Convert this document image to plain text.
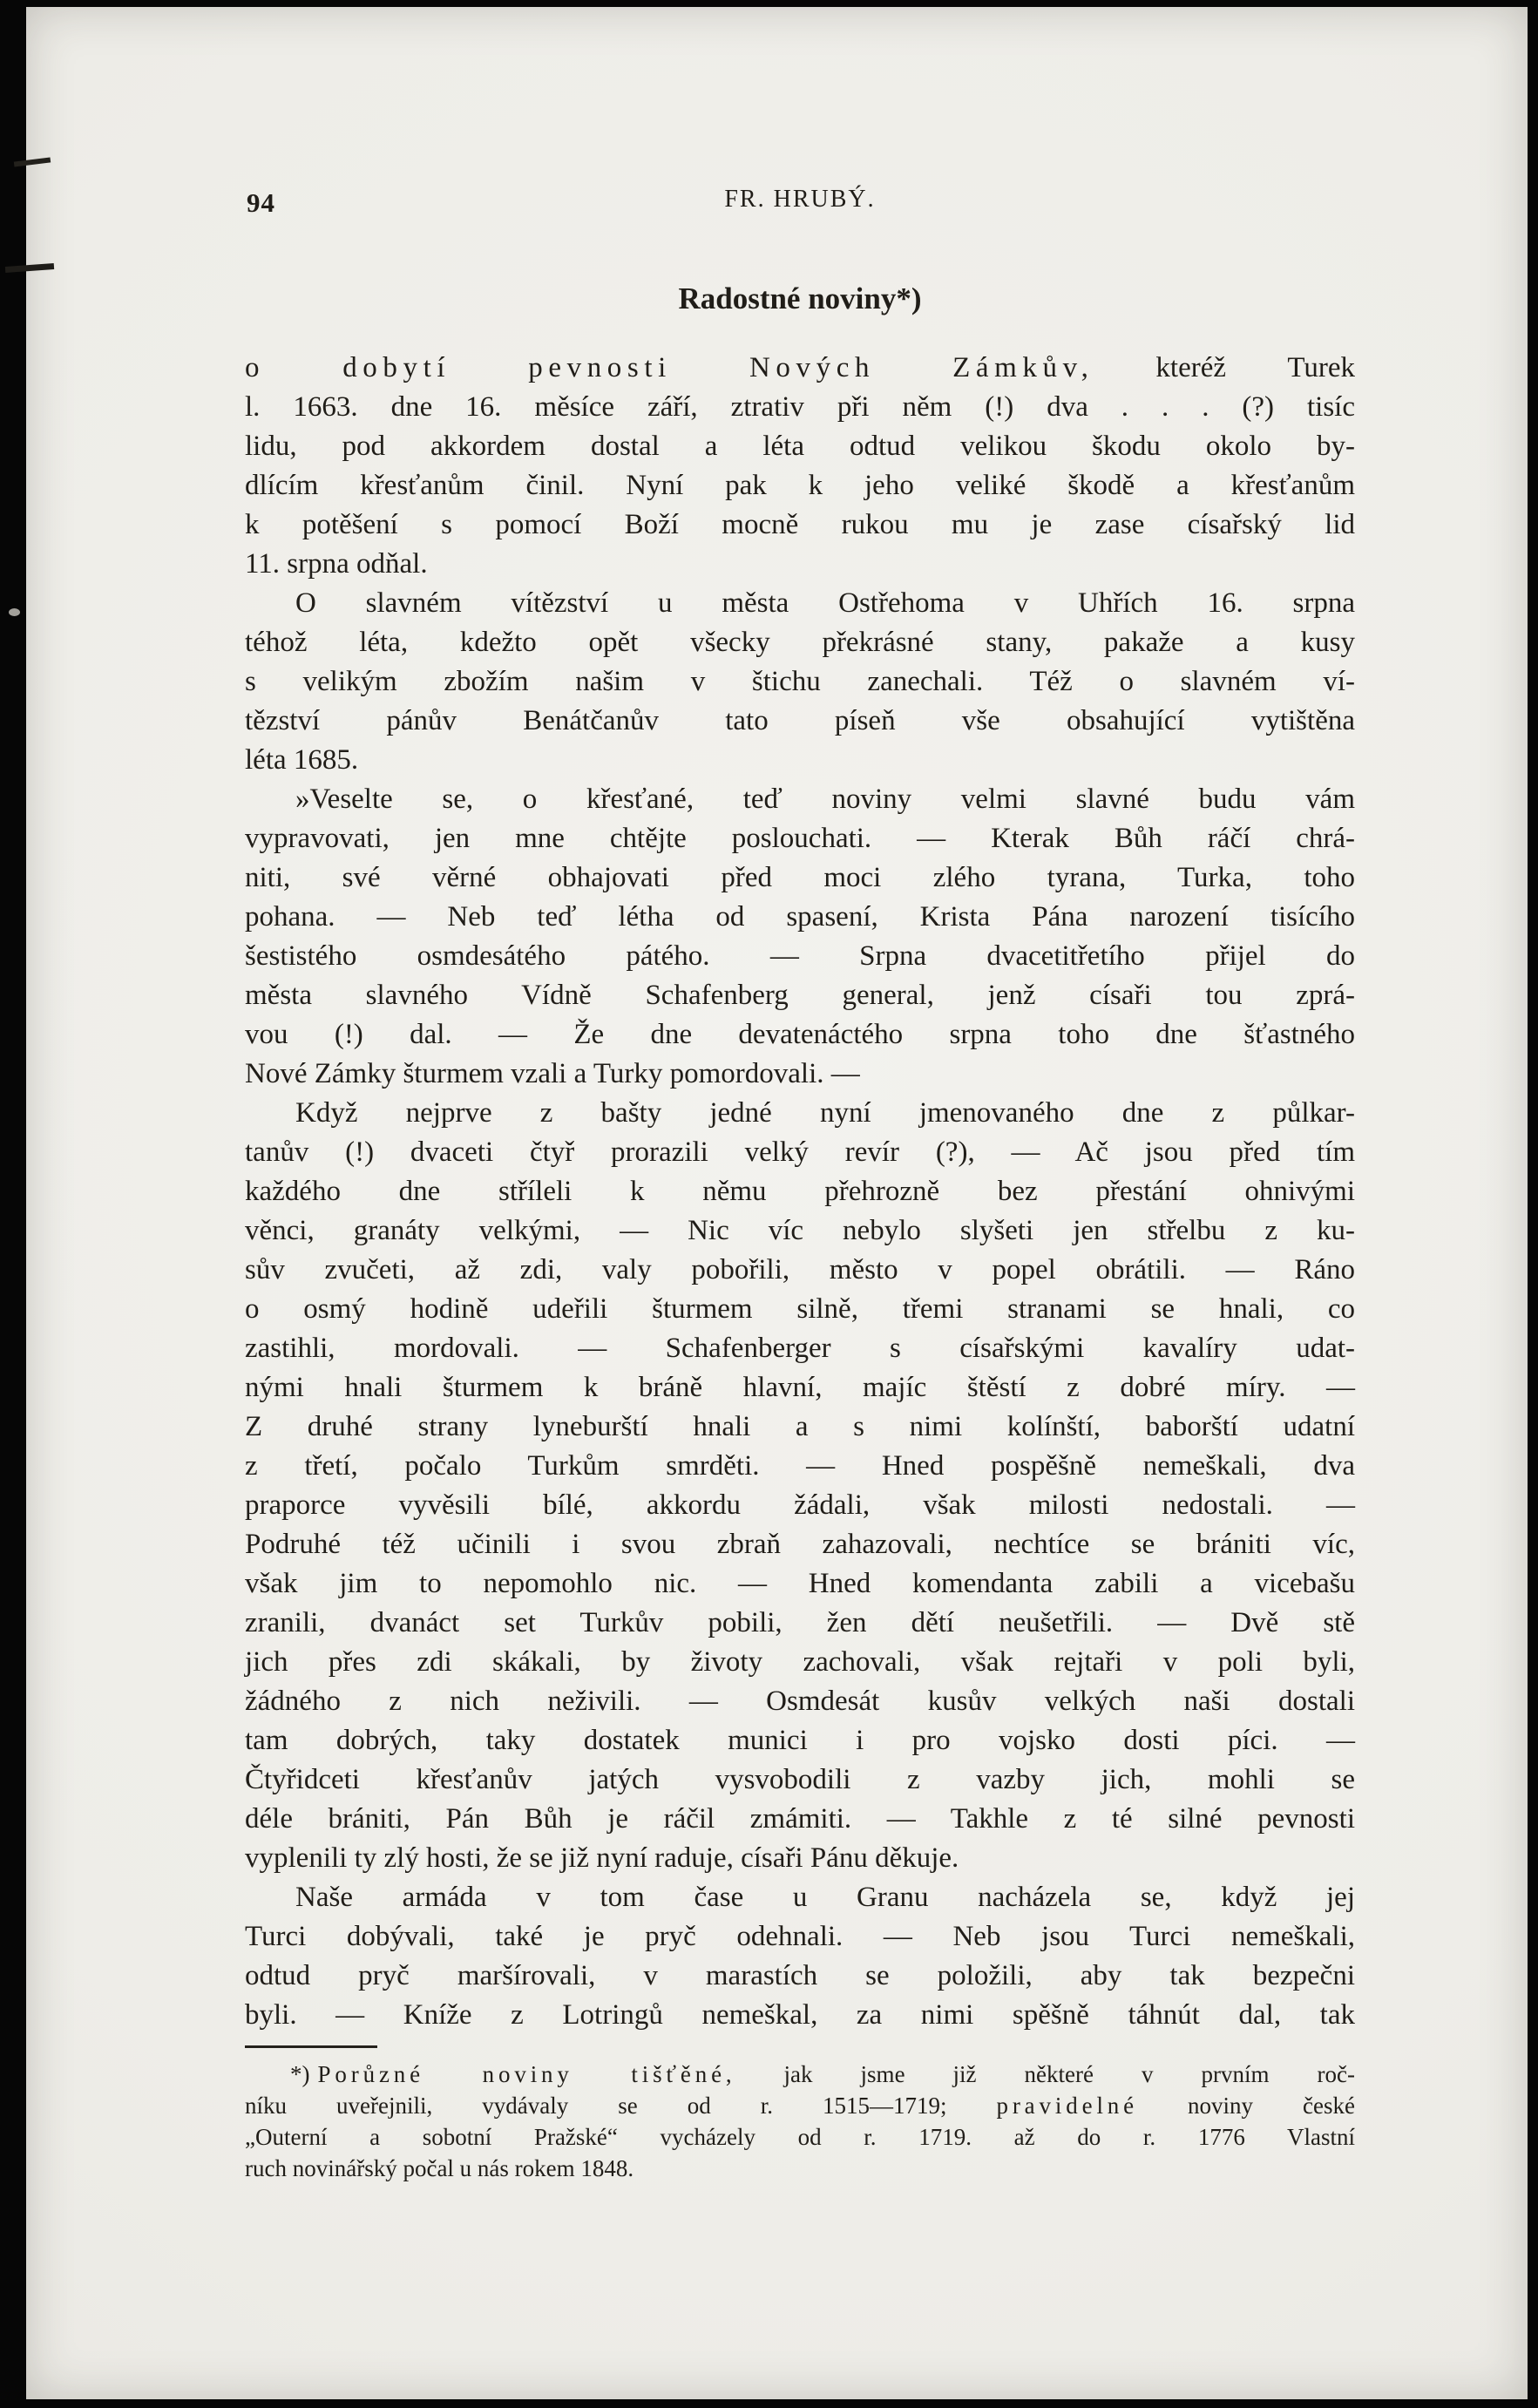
94	FR. HRUBÝ.
Radostné noviny*)
o dobytí pevnosti Nových Zámkův, kteréž Turek
l. 1663. dne 16. měsíce září, ztrativ při něm (!) dva . . . (?) tisíc
lidu, pod akkordem dostal a léta odtud velikou škodu okolo by-
dlícím křesťanům činil. Nyní pak k jeho veliké škodě a křesťanům
k potěšení s pomocí Boží mocně rukou mu je zase císařský lid
11. srpna odňal.
O slavném vítězství u města Ostřehoma v Uhřích 16. srpna
téhož léta, kdežto opět všecky překrásné stany, pakaže a kusy
s velikým zbožím našim v štichu zanechali. Též o slavném ví-
tězství pánův Benátčanův tato píseň vše obsahující vytištěna
léta 1685.
»Veselte se, o křesťané, teď noviny velmi slavné budu vám
vypravovati, jen mne chtějte poslouchati. — Kterak Bůh ráčí chrá-
niti, své věrné obhajovati před moci zlého tyrana, Turka, toho
pohana. — Neb teď létha od spasení, Krista Pána narození tisícího
šestistého osmdesátého pátého. — Srpna dvacetitřetího přijel do
města slavného Vídně Schafenberg general, jenž císaři tou zprá-
vou (!) dal. — Že dne devatenáctého srpna toho dne šťastného
Nové Zámky šturmem vzali a Turky pomordovali. —
Když nejprve z bašty jedné nyní jmenovaného dne z půlkar-
tanův (!) dvaceti čtyř prorazili velký revír (?), — Ač jsou před tím
každého dne stříleli k němu přehrozně bez přestání ohnivými
věnci, granáty velkými, — Nic víc nebylo slyšeti jen střelbu z ku-
sův zvučeti, až zdi, valy pobořili, město v popel obrátili. — Ráno
o osmý hodině udeřili šturmem silně, třemi stranami se hnali, co
zastihli, mordovali. — Schafenberger s císařskými kavalíry udat-
nými hnali šturmem k bráně hlavní, majíc štěstí z dobré míry. —
Z druhé strany lyneburští hnali a s nimi kolínští, baborští udatní
z třetí, počalo Turkům smrděti. — Hned pospěšně nemeškali, dva
praporce vyvěsili bílé, akkordu žádali, však milosti nedostali. —
Podruhé též učinili i svou zbraň zahazovali, nechtíce se brániti víc,
však jim to nepomohlo nic. — Hned komendanta zabili a vicebašu
zranili, dvanáct set Turkův pobili, žen dětí neušetřili. — Dvě stě
jich přes zdi skákali, by životy zachovali, však rejtaři v poli byli,
žádného z nich neživili. — Osmdesát kusův velkých naši dostali
tam dobrých, taky dostatek munici i pro vojsko dosti píci. —
Čtyřidceti křesťanův jatých vysvobodili z vazby jich, mohli se
déle brániti, Pán Bůh je ráčil zmámiti. — Takhle z té silné pevnosti
vyplenili ty zlý hosti, že se již nyní raduje, císaři Pánu děkuje.
Naše armáda v tom čase u Granu nacházela se, když jej
Turci dobývali, také je pryč odehnali. — Neb jsou Turci nemeškali,
odtud pryč maršírovali, v marastích se položili, aby tak bezpečni
byli. — Kníže z Lotringů nemeškal, za nimi spěšně táhnút dal, tak
*) Porůzné noviny tišťěné, jak jsme již některé v prvním roč-
níku uveřejnili, vydávaly se od r. 1515—1719; pravidelné noviny české
„Outerní a sobotní Pražské“ vycházely od r. 1719. až do r. 1776 Vlastní
ruch novinářský počal u nás rokem 1848.
